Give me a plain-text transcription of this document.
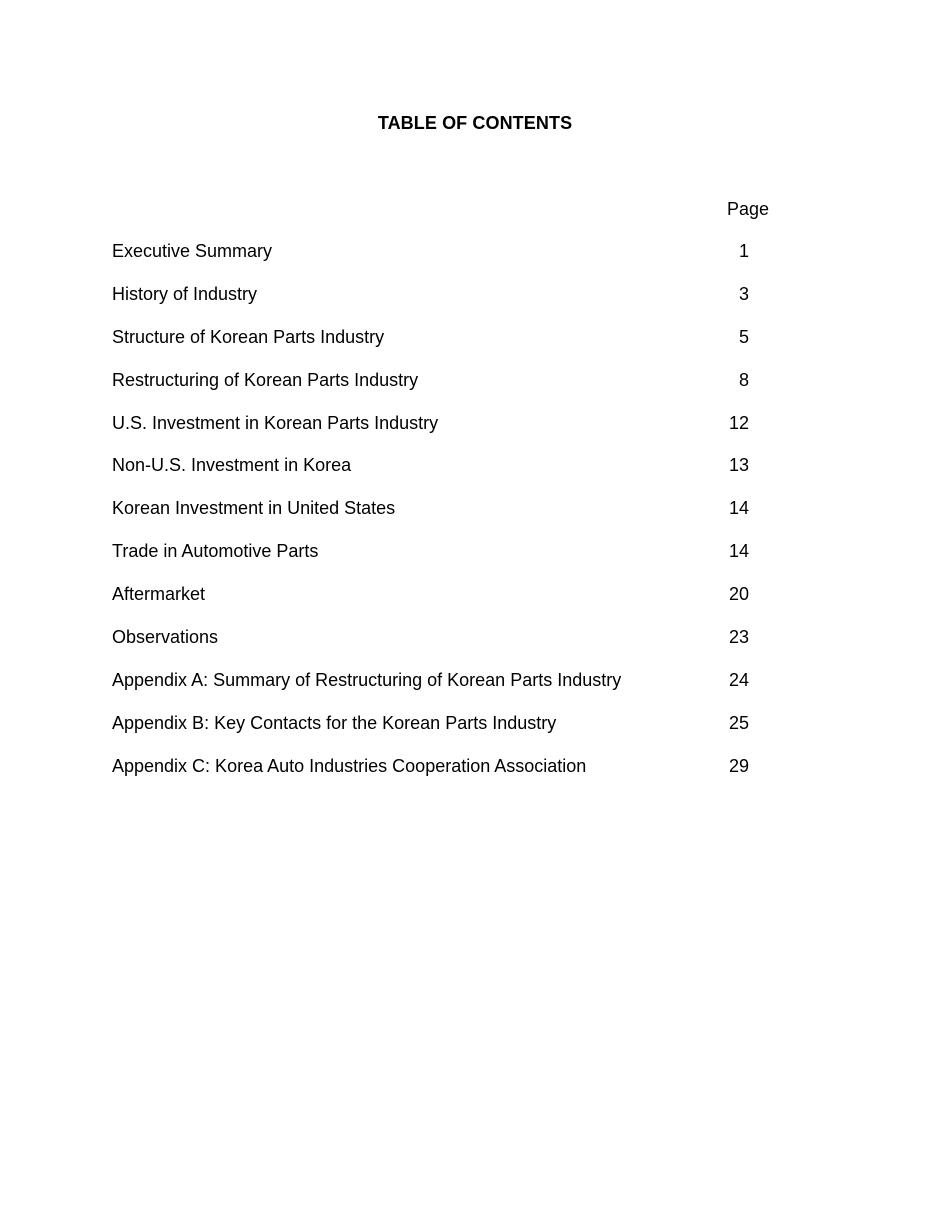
TABLE OF CONTENTS
Page
Executive Summary	1
History of Industry	3
Structure of Korean Parts Industry	5
Restructuring of Korean Parts Industry	8
U.S. Investment in Korean Parts Industry	12
Non-U.S. Investment in Korea	13
Korean Investment in United States	14
Trade in Automotive Parts	14
Aftermarket	20
Observations	23
Appendix A: Summary of Restructuring of Korean Parts Industry	24
Appendix B: Key Contacts for the Korean Parts Industry	25
Appendix C: Korea Auto Industries Cooperation Association	29
